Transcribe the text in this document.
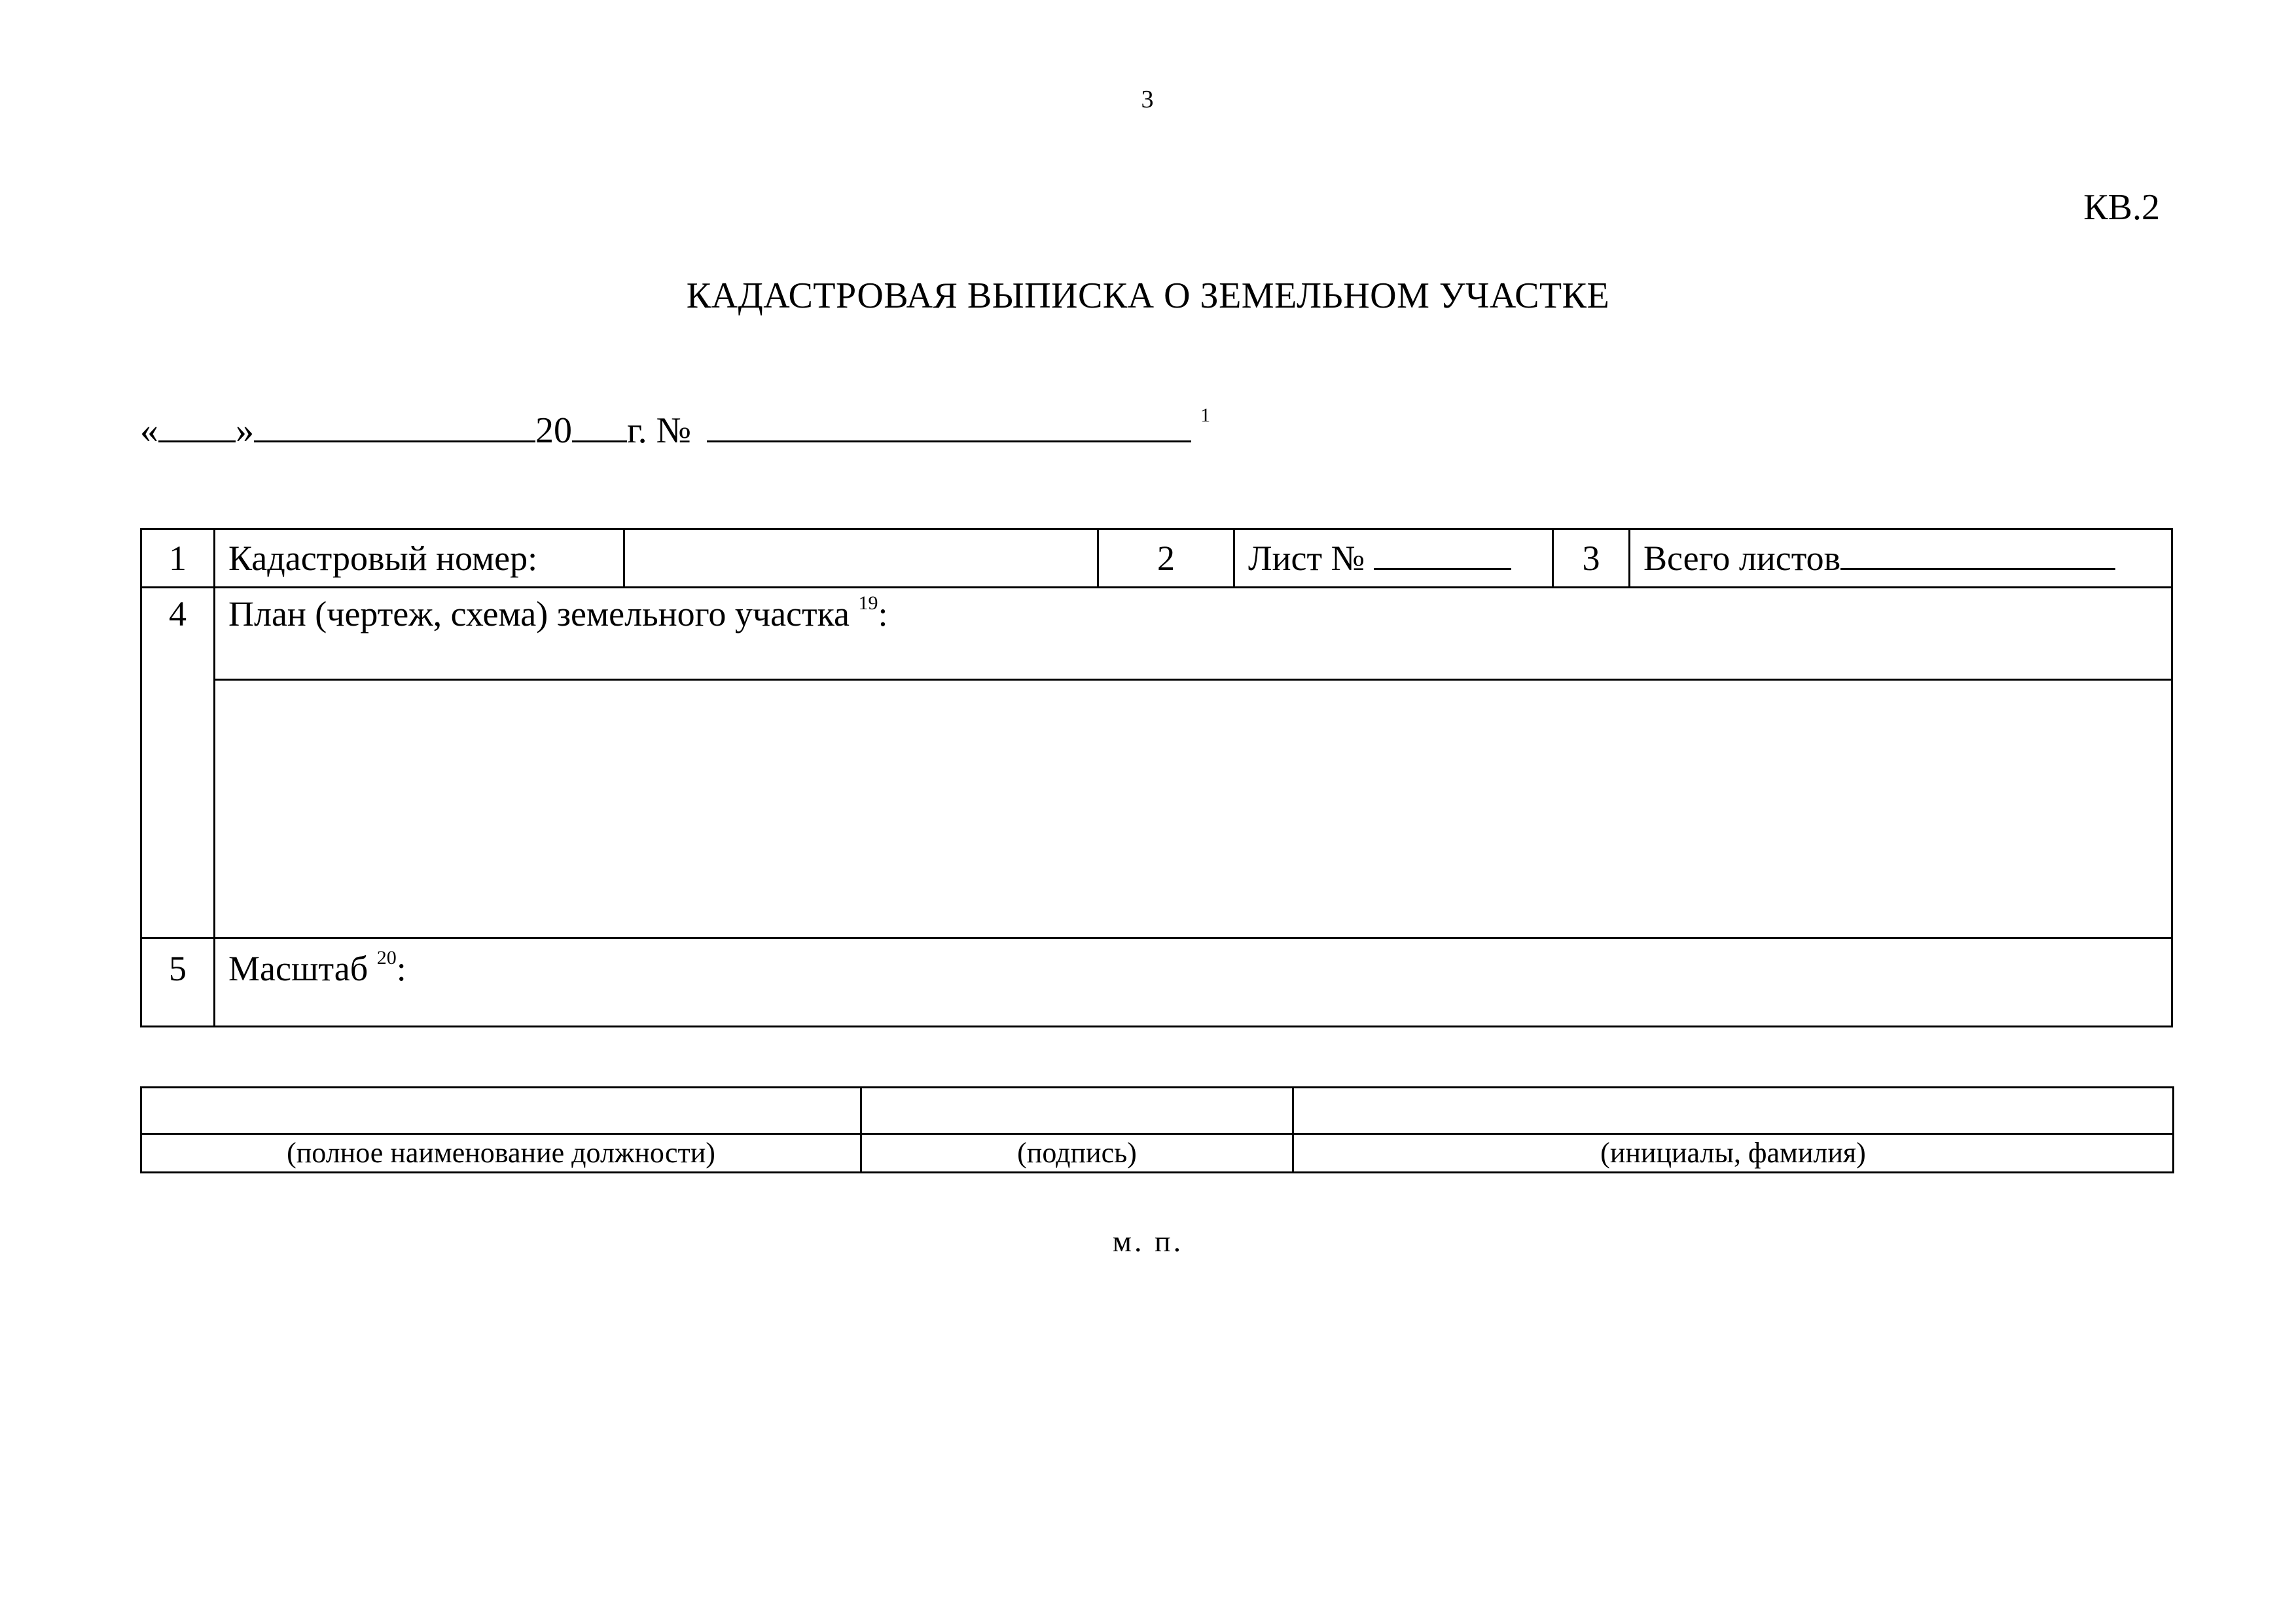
3
КВ.2
КАДАСТРОВАЯ ВЫПИСКА О ЗЕМЕЛЬНОМ УЧАСТКЕ
« »	20 г. №	$^1$
1	Кадастровый номер:		2	Лист №	3	Всего листов
4	План (чертеж, схема) земельного участка $^{19}$:					

5	Масштаб $^{20}$:					

(полное наименование должности)	(подпись)	(инициалы, фамилия)
м. п.
